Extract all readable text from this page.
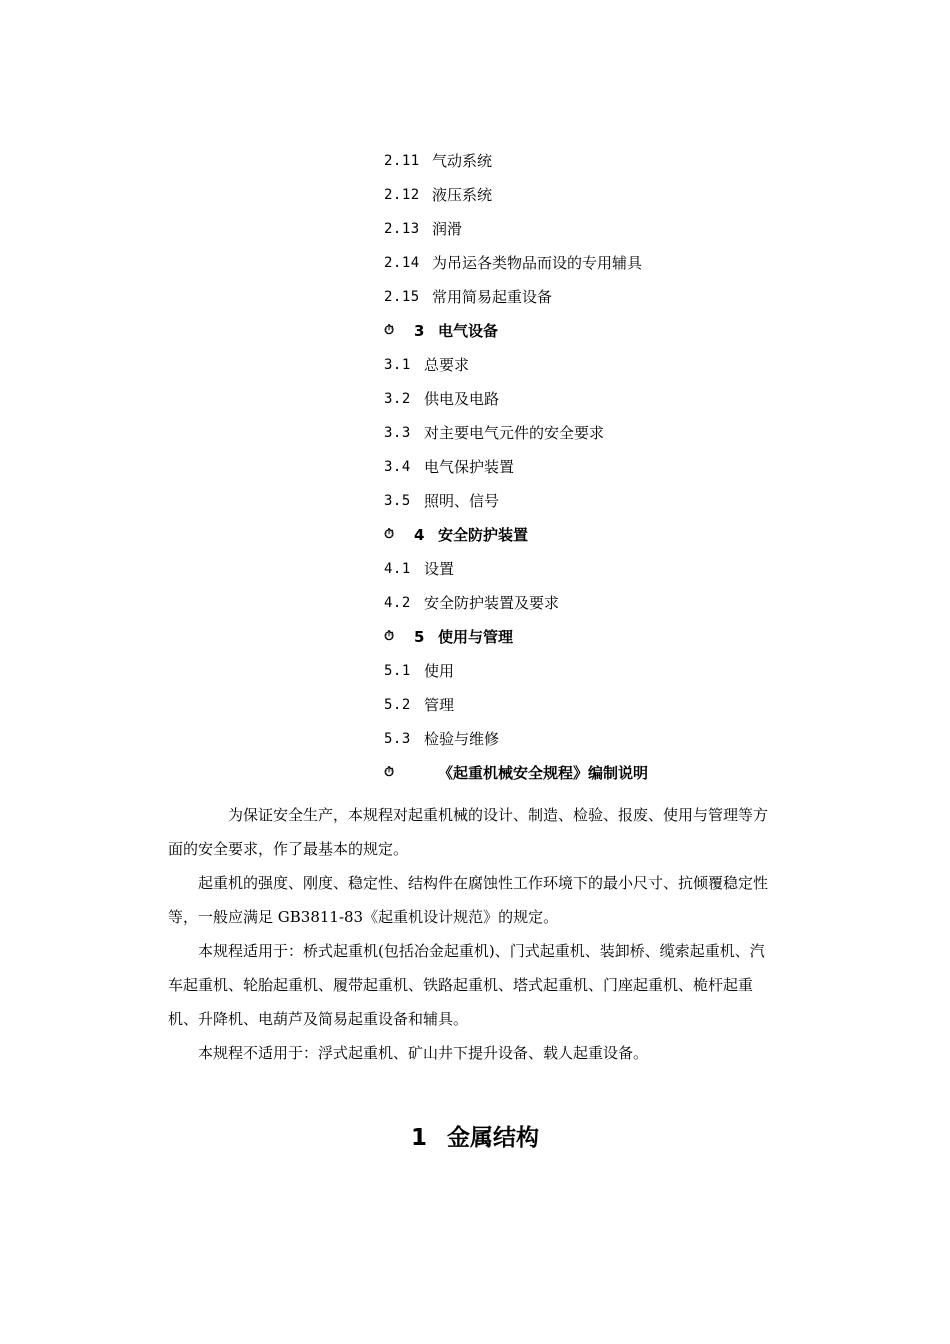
2.11 气动系统
2.12 液压系统
2.13 润滑
2.14 为吊运各类物品而设的专用辅具
2.15 常用简易起重设备
⏱	3 电气设备
3.1 总要求
3.2 供电及电路
3.3 对主要电气元件的安全要求
3.4 电气保护装置
3.5 照明、信号
⏱	4 安全防护装置
4.1 设置
4.2 安全防护装置及要求
⏱	5 使用与管理
5.1 使用
5.2 管理
5.3 检验与维修
⏱	《起重机械安全规程》编制说明

为保证安全生产，本规程对起重机械的设计、制造、检验、报废、使用与管理等方面的安全要求，作了最基本的规定。

起重机的强度、刚度、稳定性、结构件在腐蚀性工作环境下的最小尺寸、抗倾覆稳定性等，一般应满足 GB3811-83《起重机设计规范》的规定。

本规程适用于：桥式起重机(包括冶金起重机)、门式起重机、装卸桥、缆索起重机、汽车起重机、轮胎起重机、履带起重机、铁路起重机、塔式起重机、门座起重机、桅杆起重机、升降机、电葫芦及简易起重设备和辅具。

本规程不适用于：浮式起重机、矿山井下提升设备、载人起重设备。

1 金属结构
